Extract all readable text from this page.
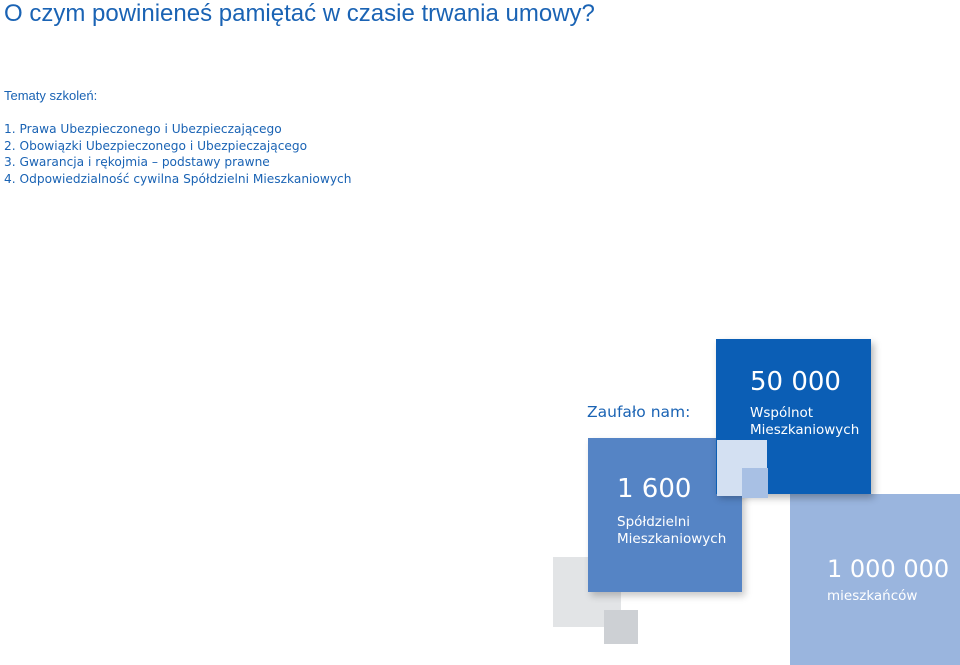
O czym powinieneś pamiętać w czasie trwania umowy?
Tematy szkoleń:
1. Prawa Ubezpieczonego i Ubezpieczającego
2. Obowiązki Ubezpieczonego i Ubezpieczającego
3. Gwarancja i rękojmia – podstawy prawne
4. Odpowiedzialność cywilna Spółdzielni Mieszkaniowych
Zaufało nam:
50 000
Wspólnot Mieszkaniowych
1 600
Spółdzielni Mieszkaniowych
1 000 000
mieszkańców
